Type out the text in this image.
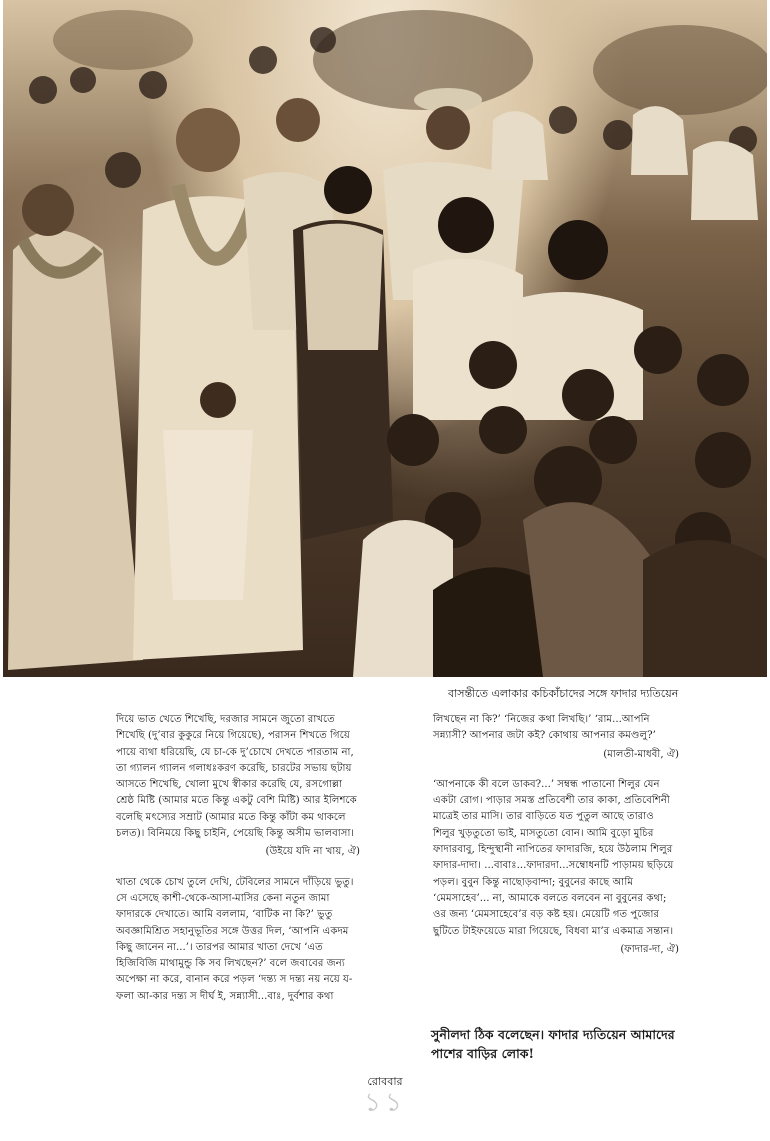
বাসন্তীতে এলাকার কচিকাঁচাদের সঙ্গে ফাদার দ্যতিয়েন

দিয়ে ভাত খেতে শিখেছি, দরজার সামনে জুতো রাখতে শিখেছি (দু’বার কুকুরে নিয়ে গিয়েছে), পরাসন শিখতে গিয়ে পায়ে ব্যথা ধরিয়েছি, যে চা-কে দু’চোখে দেখতে পারতাম না, তা গ্যালন গ্যালন গলাধঃকরণ করেছি, চারটের সভায় ছটায় আসতে শিখেছি, খোলা মুখে স্বীকার করেছি যে, রসগোল্লা শ্রেষ্ঠ মিষ্টি (আমার মতে কিন্তু একটু বেশি মিষ্টি) আর ইলিশকে বলেছি মৎস্যের সম্রাট (আমার মতে কিন্তু কাঁটা কম থাকলে চলত)। বিনিময়ে কিছু চাইনি, পেয়েছি কিন্তু অসীম ভালবাসা।

(উইয়ে যদি না খায়, ঐ)

খাতা থেকে চোখ তুলে দেখি, টেবিলের সামনে দাঁড়িয়ে ভুতু। সে এসেছে কাশী-থেকে-আসা-মাসির কেনা নতুন জামা ফাদারকে দেখাতে। আমি বললাম, ‘বাটিক না কি?’ ভুতু অবজ্ঞামিশ্রিত সহানুভূতির সঙ্গে উত্তর দিল, ‘আপনি একদম কিছু জানেন না...’। তারপর আমার খাতা দেখে ‘এত হিজিবিজি মাথামুন্ডু কি সব লিখছেন?’ বলে জবাবের জন্য অপেক্ষা না করে, বানান করে পড়ল ‘দন্ত্য স দন্ত্য নয় নয়ে য-ফলা আ-কার দন্ত্য স দীর্ঘ ই, সন্ন্যাসী...বাঃ, দুর্বশার কথা

লিখছেন না কি?’ ‘নিজের কথা লিখছি।’ ‘রাম...আপনি সন্ন্যাসী? আপনার জটা কই? কোথায় আপনার কমণ্ডলু?’

(মালতী-মাধবী, ঐ)

‘আপনাকে কী বলে ডাকব?...’ সম্বন্ধ পাতানো শিলুর যেন একটা রোগ। পাড়ার সমস্ত প্রতিবেশী তার কাকা, প্রতিবেশিনী মাত্রেই তার মাসি। তার বাড়িতে যত পুতুল আছে তারাও শিলুর খুড়তুতো ভাই, মাসতুতো বোন। আমি বুড়ো মুচির ফাদারবাবু, হিন্দুস্থানী নাপিতের ফাদারজি, হয়ে উঠলাম শিলুর ফাদার-দাদা। ...বাবাঃ...ফাদারদা...সম্বোধনটি পাড়াময় ছড়িয়ে পড়ল। বুবুন কিন্তু নাছোড়বান্দা; বুবুনের কাছে আমি ‘মেমসাহেব’... না, আমাকে বলতে বলবেন না বুবুনের কথা; ওর জন্য ‘মেমসাহেবে’র বড় কষ্ট হয়। মেয়েটি গত পুজোর ছুটিতে টাইফয়েডে মারা গিয়েছে, বিধবা মা’র একমাত্র সন্তান।

(ফাদার-দা, ঐ)

সুনীলদা ঠিক বলেছেন। ফাদার দ্যতিয়েন আমাদের পাশের বাড়ির লোক!
রোববার
১১
